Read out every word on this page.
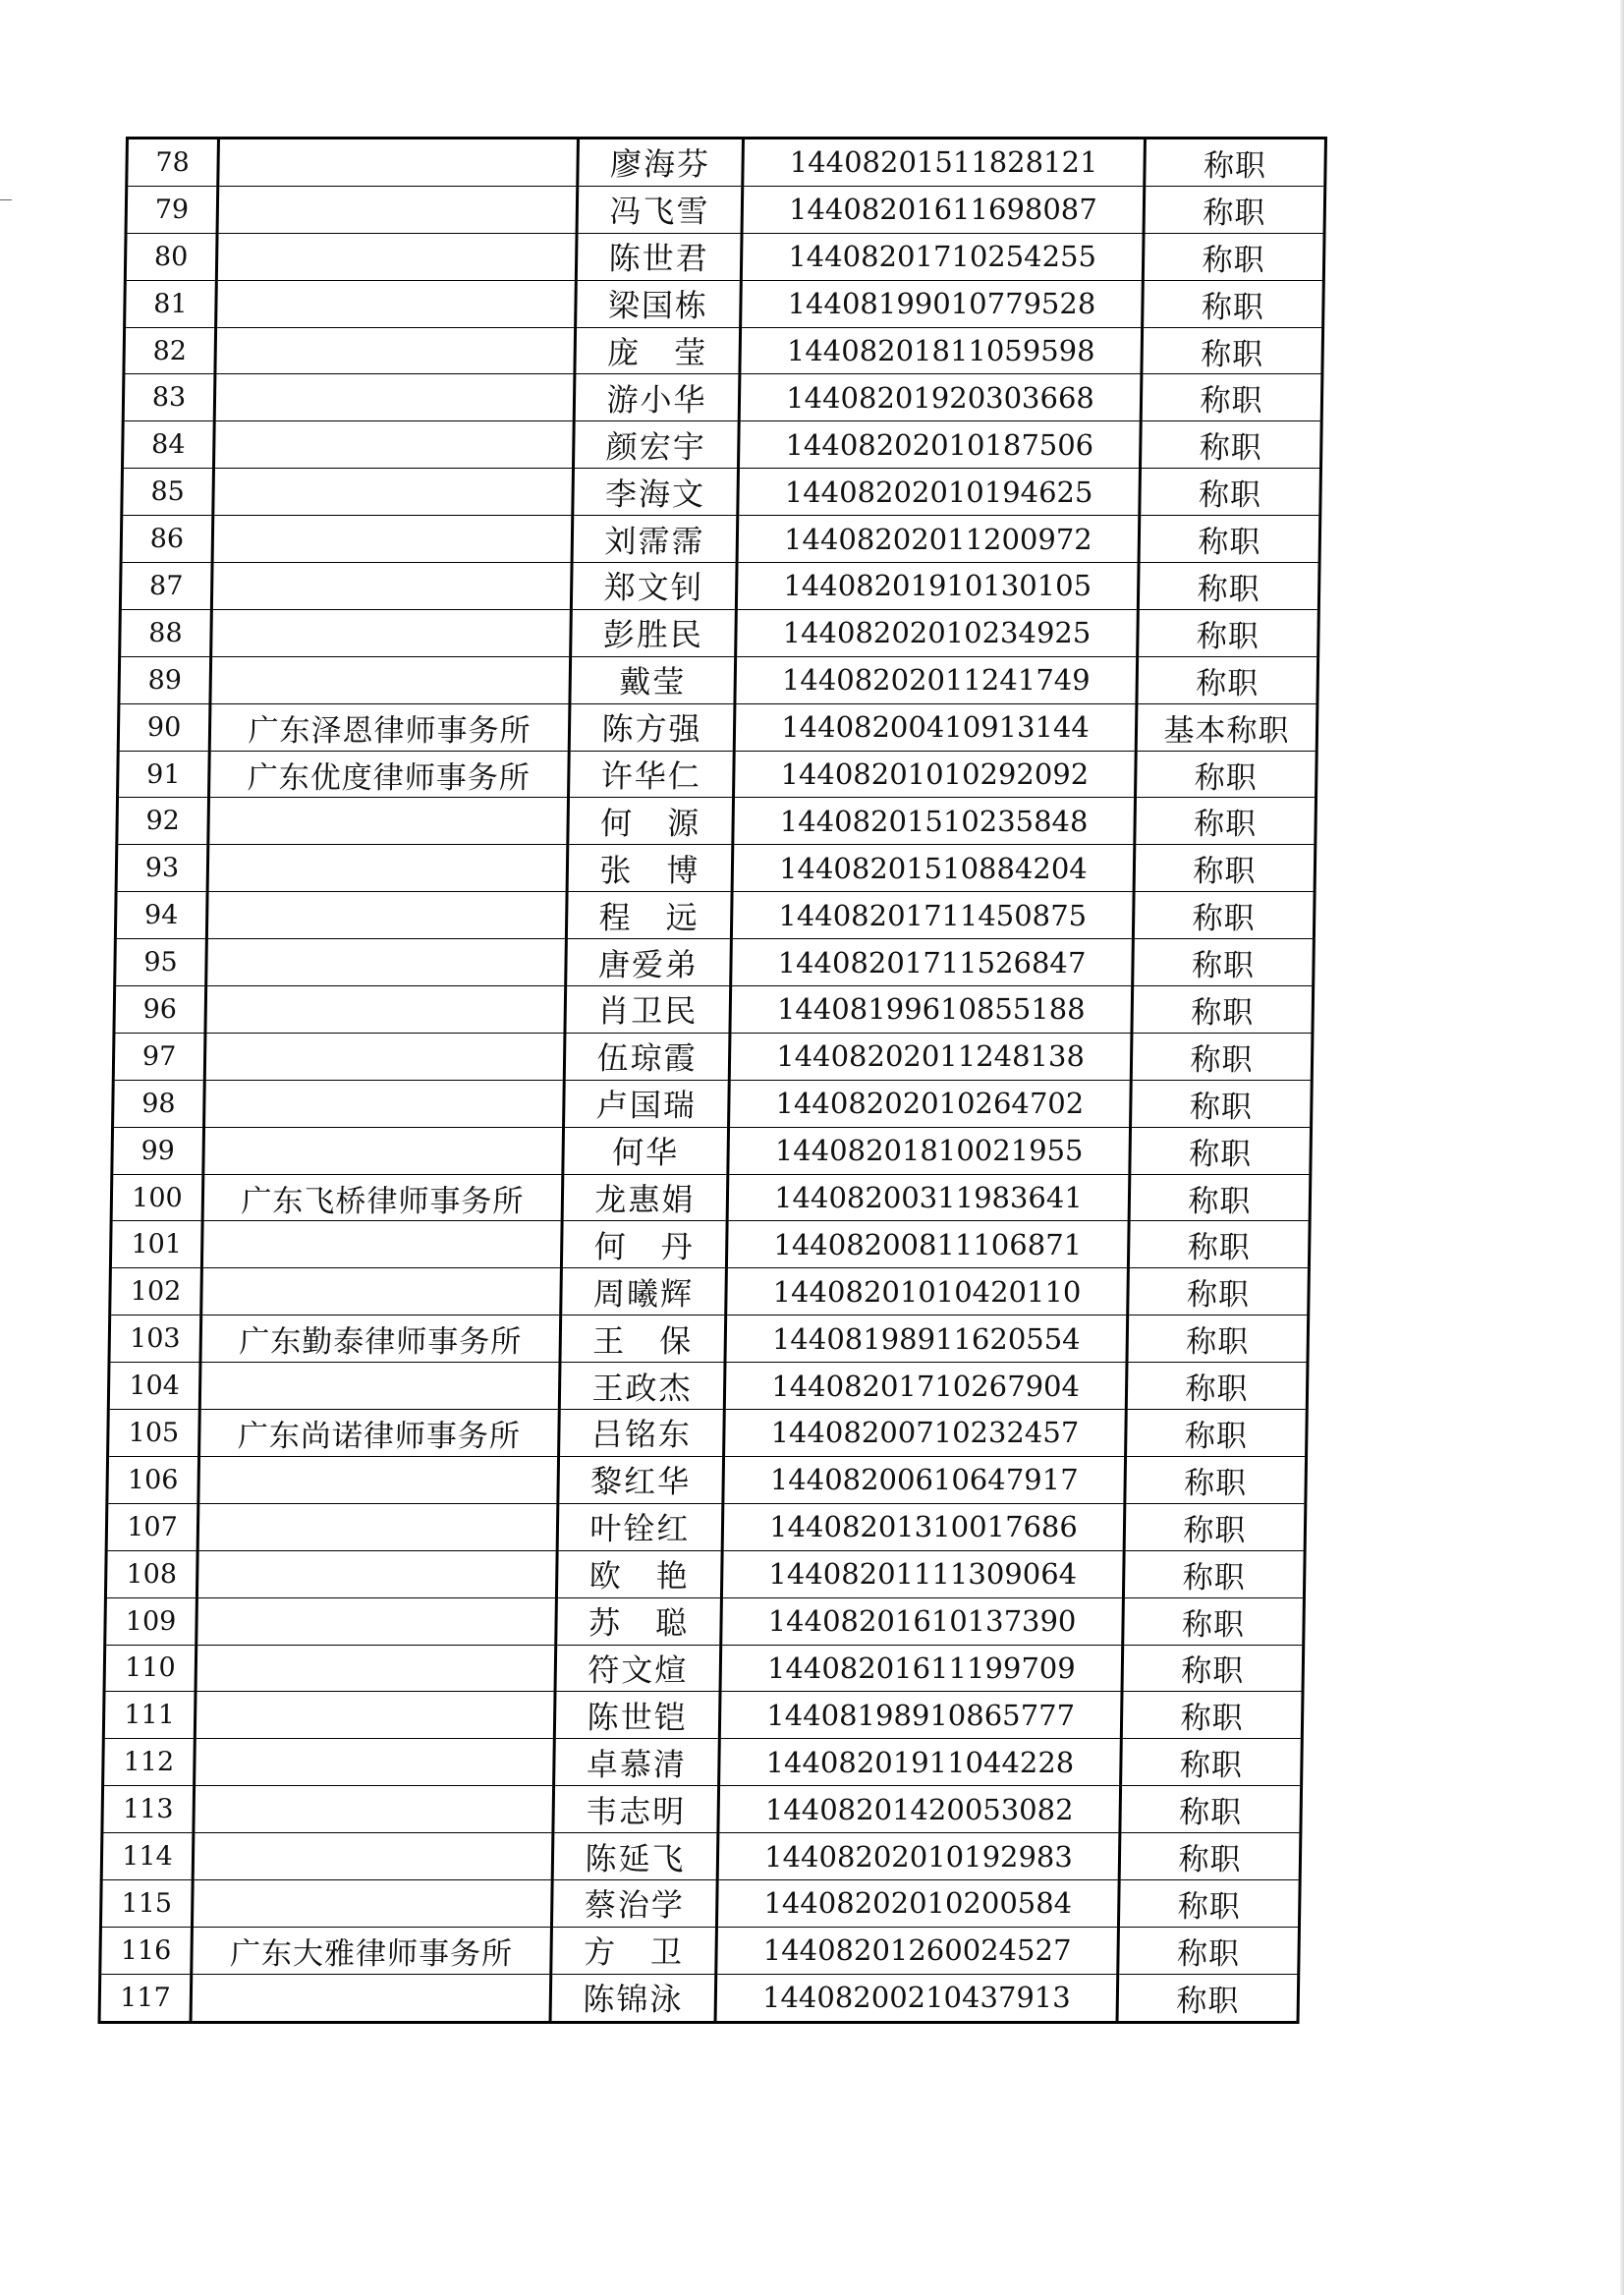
78		廖海芬	14408201511828121	称职
79		冯飞雪	14408201611698087	称职
80		陈世君	14408201710254255	称职
81		梁国栋	14408199010779528	称职
82		庞　莹	14408201811059598	称职
83		游小华	14408201920303668	称职
84		颜宏宇	14408202010187506	称职
85		李海文	14408202010194625	称职
86		刘霈霈	14408202011200972	称职
87		郑文钊	14408201910130105	称职
88		彭胜民	14408202010234925	称职
89		戴莹	14408202011241749	称职
90	广东泽恩律师事务所	陈方强	14408200410913144	基本称职
91	广东优度律师事务所	许华仁	14408201010292092	称职
92		何　源	14408201510235848	称职
93		张　博	14408201510884204	称职
94		程　远	14408201711450875	称职
95		唐爱弟	14408201711526847	称职
96		肖卫民	14408199610855188	称职
97		伍琼霞	14408202011248138	称职
98		卢国瑞	14408202010264702	称职
99		何华	14408201810021955	称职
100	广东飞桥律师事务所	龙惠娟	14408200311983641	称职
101		何　丹	14408200811106871	称职
102		周曦辉	14408201010420110	称职
103	广东勤泰律师事务所	王　保	14408198911620554	称职
104		王政杰	14408201710267904	称职
105	广东尚诺律师事务所	吕铭东	14408200710232457	称职
106		黎红华	14408200610647917	称职
107		叶铨红	14408201310017686	称职
108		欧　艳	14408201111309064	称职
109		苏　聪	14408201610137390	称职
110		符文煊	14408201611199709	称职
111		陈世铠	14408198910865777	称职
112		卓慕清	14408201911044228	称职
113		韦志明	14408201420053082	称职
114		陈延飞	14408202010192983	称职
115		蔡治学	14408202010200584	称职
116	广东大雅律师事务所	方　卫	14408201260024527	称职
117		陈锦泳	14408200210437913	称职
